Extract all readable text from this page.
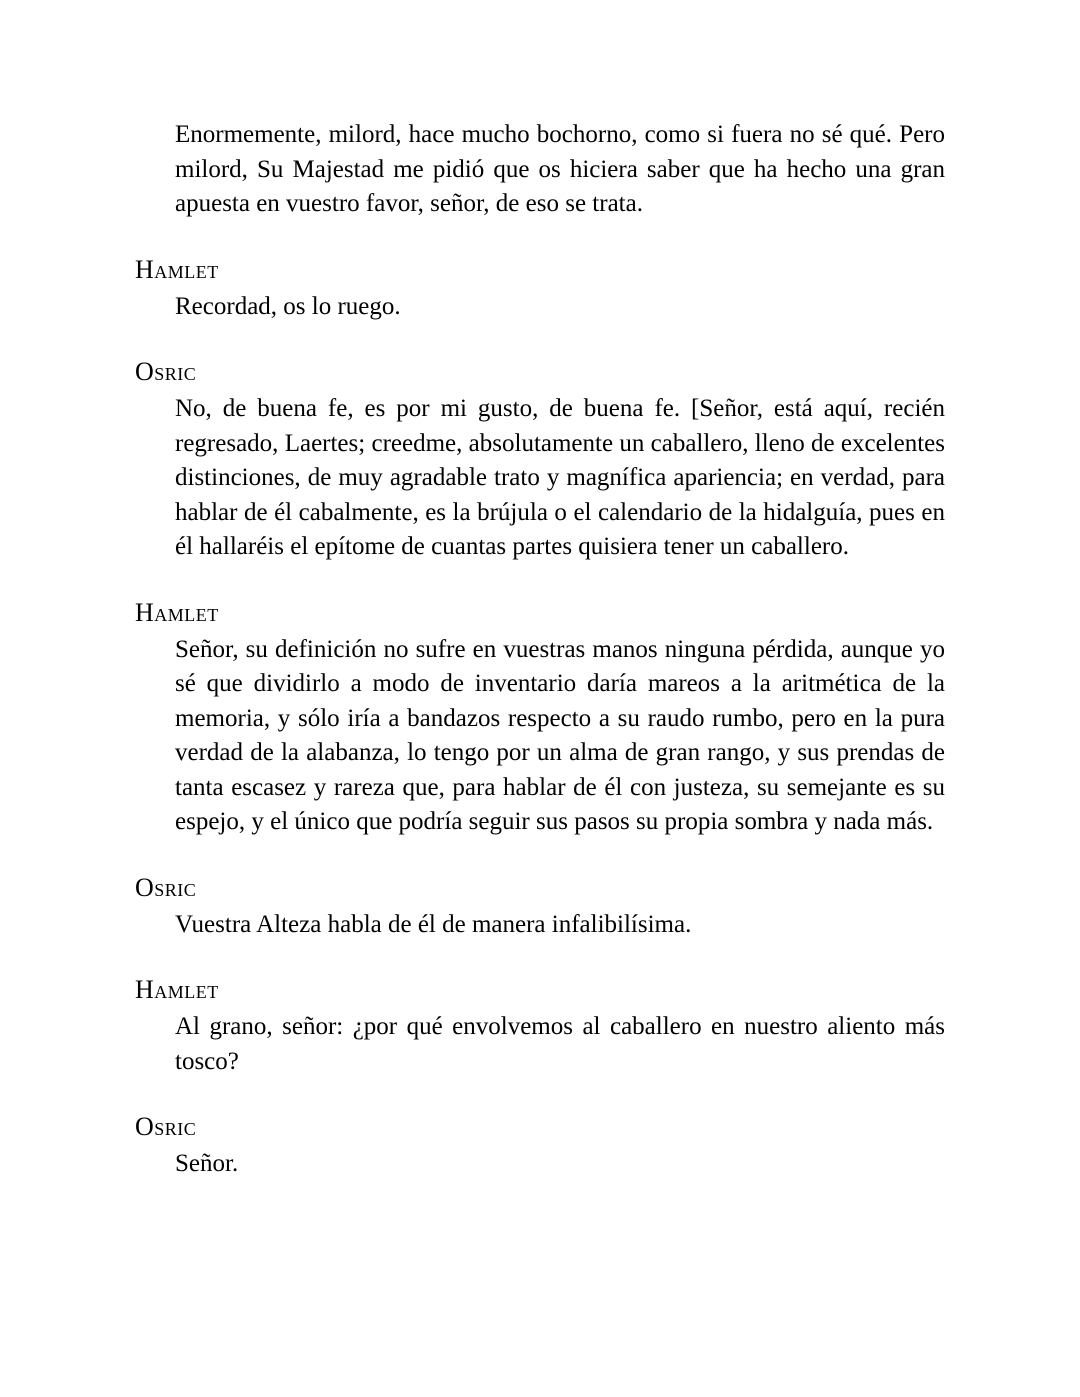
Enormemente, milord, hace mucho bochorno, como si fuera no sé qué. Pero milord, Su Majestad me pidió que os hiciera saber que ha hecho una gran apuesta en vuestro favor, señor, de eso se trata.
Hamlet
Recordad, os lo ruego.
Osric
No, de buena fe, es por mi gusto, de buena fe. [Señor, está aquí, recién regresado, Laertes; creedme, absolutamente un caballero, lleno de excelentes distinciones, de muy agradable trato y magnífica apariencia; en verdad, para hablar de él cabalmente, es la brújula o el calendario de la hidalguía, pues en él hallaréis el epítome de cuantas partes quisiera tener un caballero.
Hamlet
Señor, su definición no sufre en vuestras manos ninguna pérdida, aunque yo sé que dividirlo a modo de inventario daría mareos a la aritmética de la memoria, y sólo iría a bandazos respecto a su raudo rumbo, pero en la pura verdad de la alabanza, lo tengo por un alma de gran rango, y sus prendas de tanta escasez y rareza que, para hablar de él con justeza, su semejante es su espejo, y el único que podría seguir sus pasos su propia sombra y nada más.
Osric
Vuestra Alteza habla de él de manera infalibilísima.
Hamlet
Al grano, señor: ¿por qué envolvemos al caballero en nuestro aliento más tosco?
Osric
Señor.
